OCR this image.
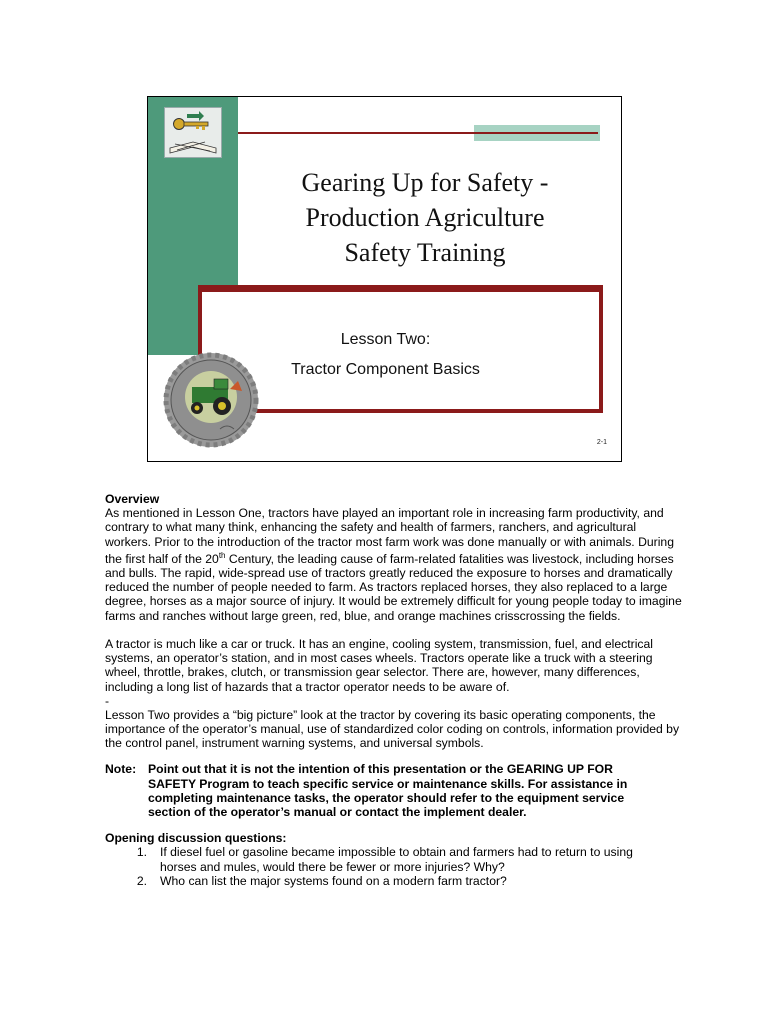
Gearing Up for Safety -
Production Agriculture
Safety Training
Lesson Two:
Tractor Component Basics
2-1

Overview

As mentioned in Lesson One, tractors have played an important role in increasing farm productivity, and contrary to what many think, enhancing the safety and health of farmers, ranchers, and agricultural workers. Prior to the introduction of the tractor most farm work was done manually or with animals. During the first half of the 20th Century, the leading cause of farm-related fatalities was livestock, including horses and bulls. The rapid, wide-spread use of tractors greatly reduced the exposure to horses and dramatically reduced the number of people needed to farm. As tractors replaced horses, they also replaced to a large degree, horses as a major source of injury. It would be extremely difficult for young people today to imagine farms and ranches without large green, red, blue, and orange machines crisscrossing the fields.

A tractor is much like a car or truck. It has an engine, cooling system, transmission, fuel, and electrical systems, an operator’s station, and in most cases wheels. Tractors operate like a truck with a steering wheel, throttle, brakes, clutch, or transmission gear selector. There are, however, many differences, including a long list of hazards that a tractor operator needs to be aware of.

-

Lesson Two provides a “big picture” look at the tractor by covering its basic operating components, the importance of the operator’s manual, use of standardized color coding on controls, information provided by the control panel, instrument warning systems, and universal symbols.

Note: Point out that it is not the intention of this presentation or the GEARING UP FOR SAFETY Program to teach specific service or maintenance skills. For assistance in completing maintenance tasks, the operator should refer to the equipment service section of the operator’s manual or contact the implement dealer.

Opening discussion questions:

1.	If diesel fuel or gasoline became impossible to obtain and farmers had to return to using horses and mules, would there be fewer or more injuries? Why?
2.	Who can list the major systems found on a modern farm tractor?
